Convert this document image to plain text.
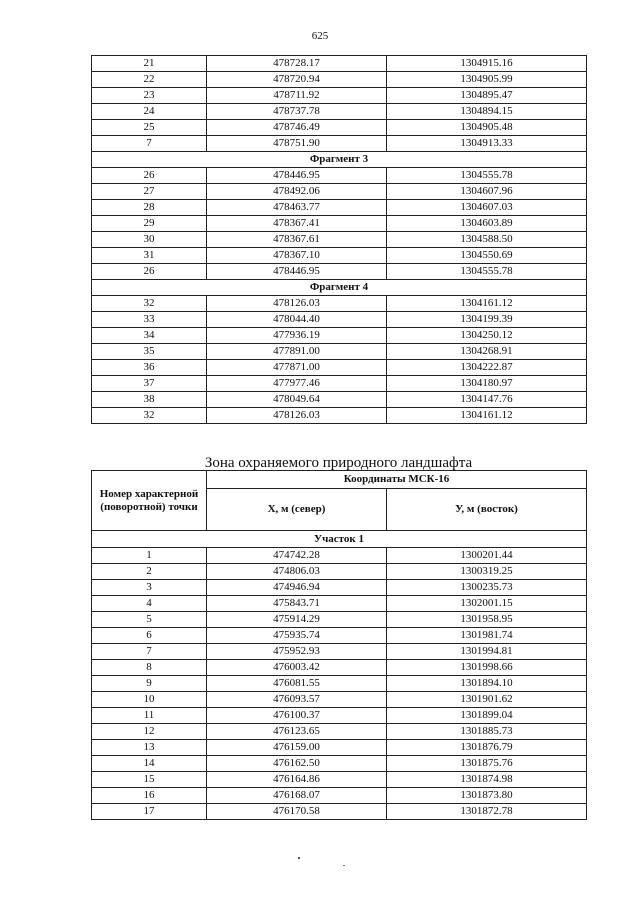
625
21	478728.17	1304915.16
22	478720.94	1304905.99
23	478711.92	1304895.47
24	478737.78	1304894.15
25	478746.49	1304905.48
7	478751.90	1304913.33
Фрагмент 3		
26	478446.95	1304555.78
27	478492.06	1304607.96
28	478463.77	1304607.03
29	478367.41	1304603.89
30	478367.61	1304588.50
31	478367.10	1304550.69
26	478446.95	1304555.78
Фрагмент 4		
32	478126.03	1304161.12
33	478044.40	1304199.39
34	477936.19	1304250.12
35	477891.00	1304268.91
36	477871.00	1304222.87
37	477977.46	1304180.97
38	478049.64	1304147.76
32	478126.03	1304161.12
Зона охраняемого природного ландшафта
Номер характерной (поворотной) точки	Координаты МСК-16	
	X, м (север)	У, м (восток)
Участок 1		
1	474742.28	1300201.44
2	474806.03	1300319.25
3	474946.94	1300235.73
4	475843.71	1302001.15
5	475914.29	1301958.95
6	475935.74	1301981.74
7	475952.93	1301994.81
8	476003.42	1301998.66
9	476081.55	1301894.10
10	476093.57	1301901.62
11	476100.37	1301899.04
12	476123.65	1301885.73
13	476159.00	1301876.79
14	476162.50	1301875.76
15	476164.86	1301874.98
16	476168.07	1301873.80
17	476170.58	1301872.78
